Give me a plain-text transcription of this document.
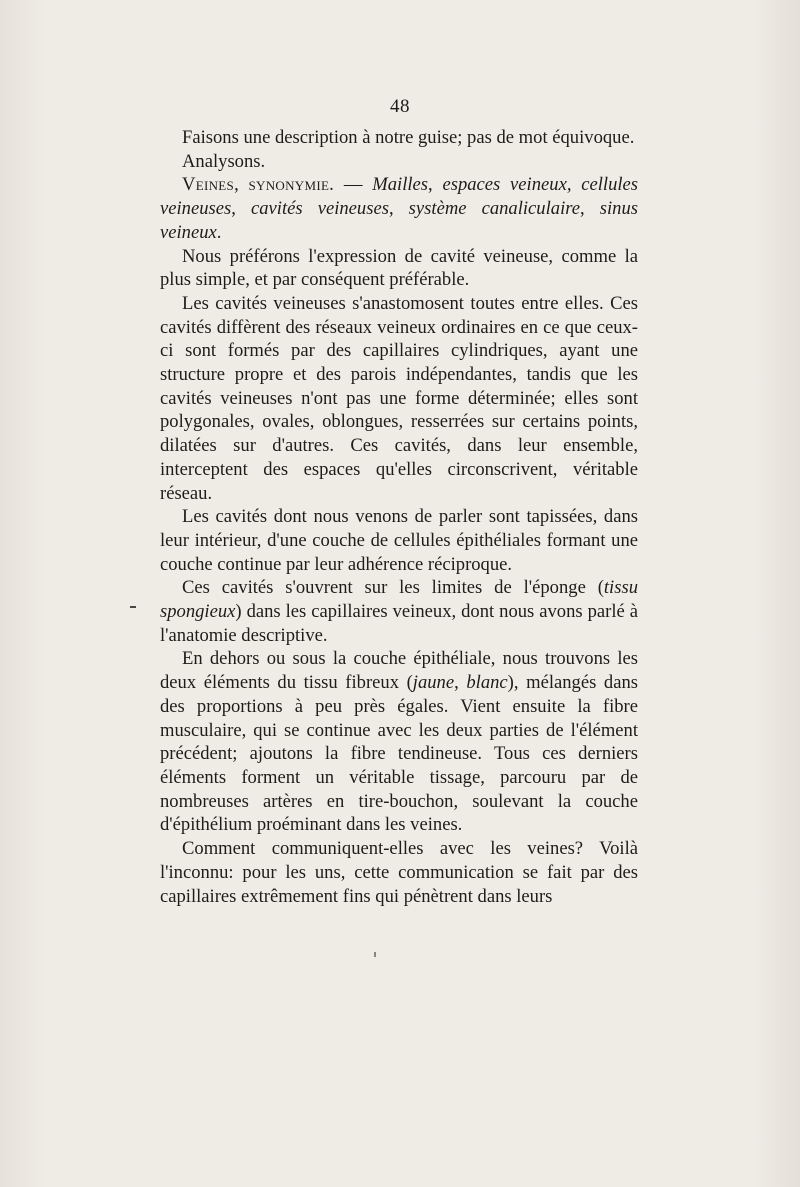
48

Faisons une description à notre guise; pas de mot équivoque.

Analysons.

Veines, synonymie. — Mailles, espaces veineux, cellules veineuses, cavités veineuses, système canaliculaire, sinus veineux.

Nous préférons l'expression de cavité veineuse, comme la plus simple, et par conséquent préférable.

Les cavités veineuses s'anastomosent toutes entre elles. Ces cavités diffèrent des réseaux veineux ordinaires en ce que ceux-ci sont formés par des capillaires cylindriques, ayant une structure propre et des parois indépendantes, tandis que les cavités veineuses n'ont pas une forme déterminée; elles sont polygonales, ovales, oblongues, resserrées sur certains points, dilatées sur d'autres. Ces cavités, dans leur ensemble, interceptent des espaces qu'elles circonscrivent, véritable réseau.

Les cavités dont nous venons de parler sont tapissées, dans leur intérieur, d'une couche de cellules épithéliales formant une couche continue par leur adhérence réciproque.

Ces cavités s'ouvrent sur les limites de l'éponge (tissu spongieux) dans les capillaires veineux, dont nous avons parlé à l'anatomie descriptive.

En dehors ou sous la couche épithéliale, nous trouvons les deux éléments du tissu fibreux (jaune, blanc), mélangés dans des proportions à peu près égales. Vient ensuite la fibre musculaire, qui se continue avec les deux parties de l'élément précédent; ajoutons la fibre tendineuse. Tous ces derniers éléments forment un véritable tissage, parcouru par de nombreuses artères en tire-bouchon, soulevant la couche d'épithélium proéminant dans les veines.

Comment communiquent-elles avec les veines? Voilà l'inconnu: pour les uns, cette communication se fait par des capillaires extrêmement fins qui pénètrent dans leurs
